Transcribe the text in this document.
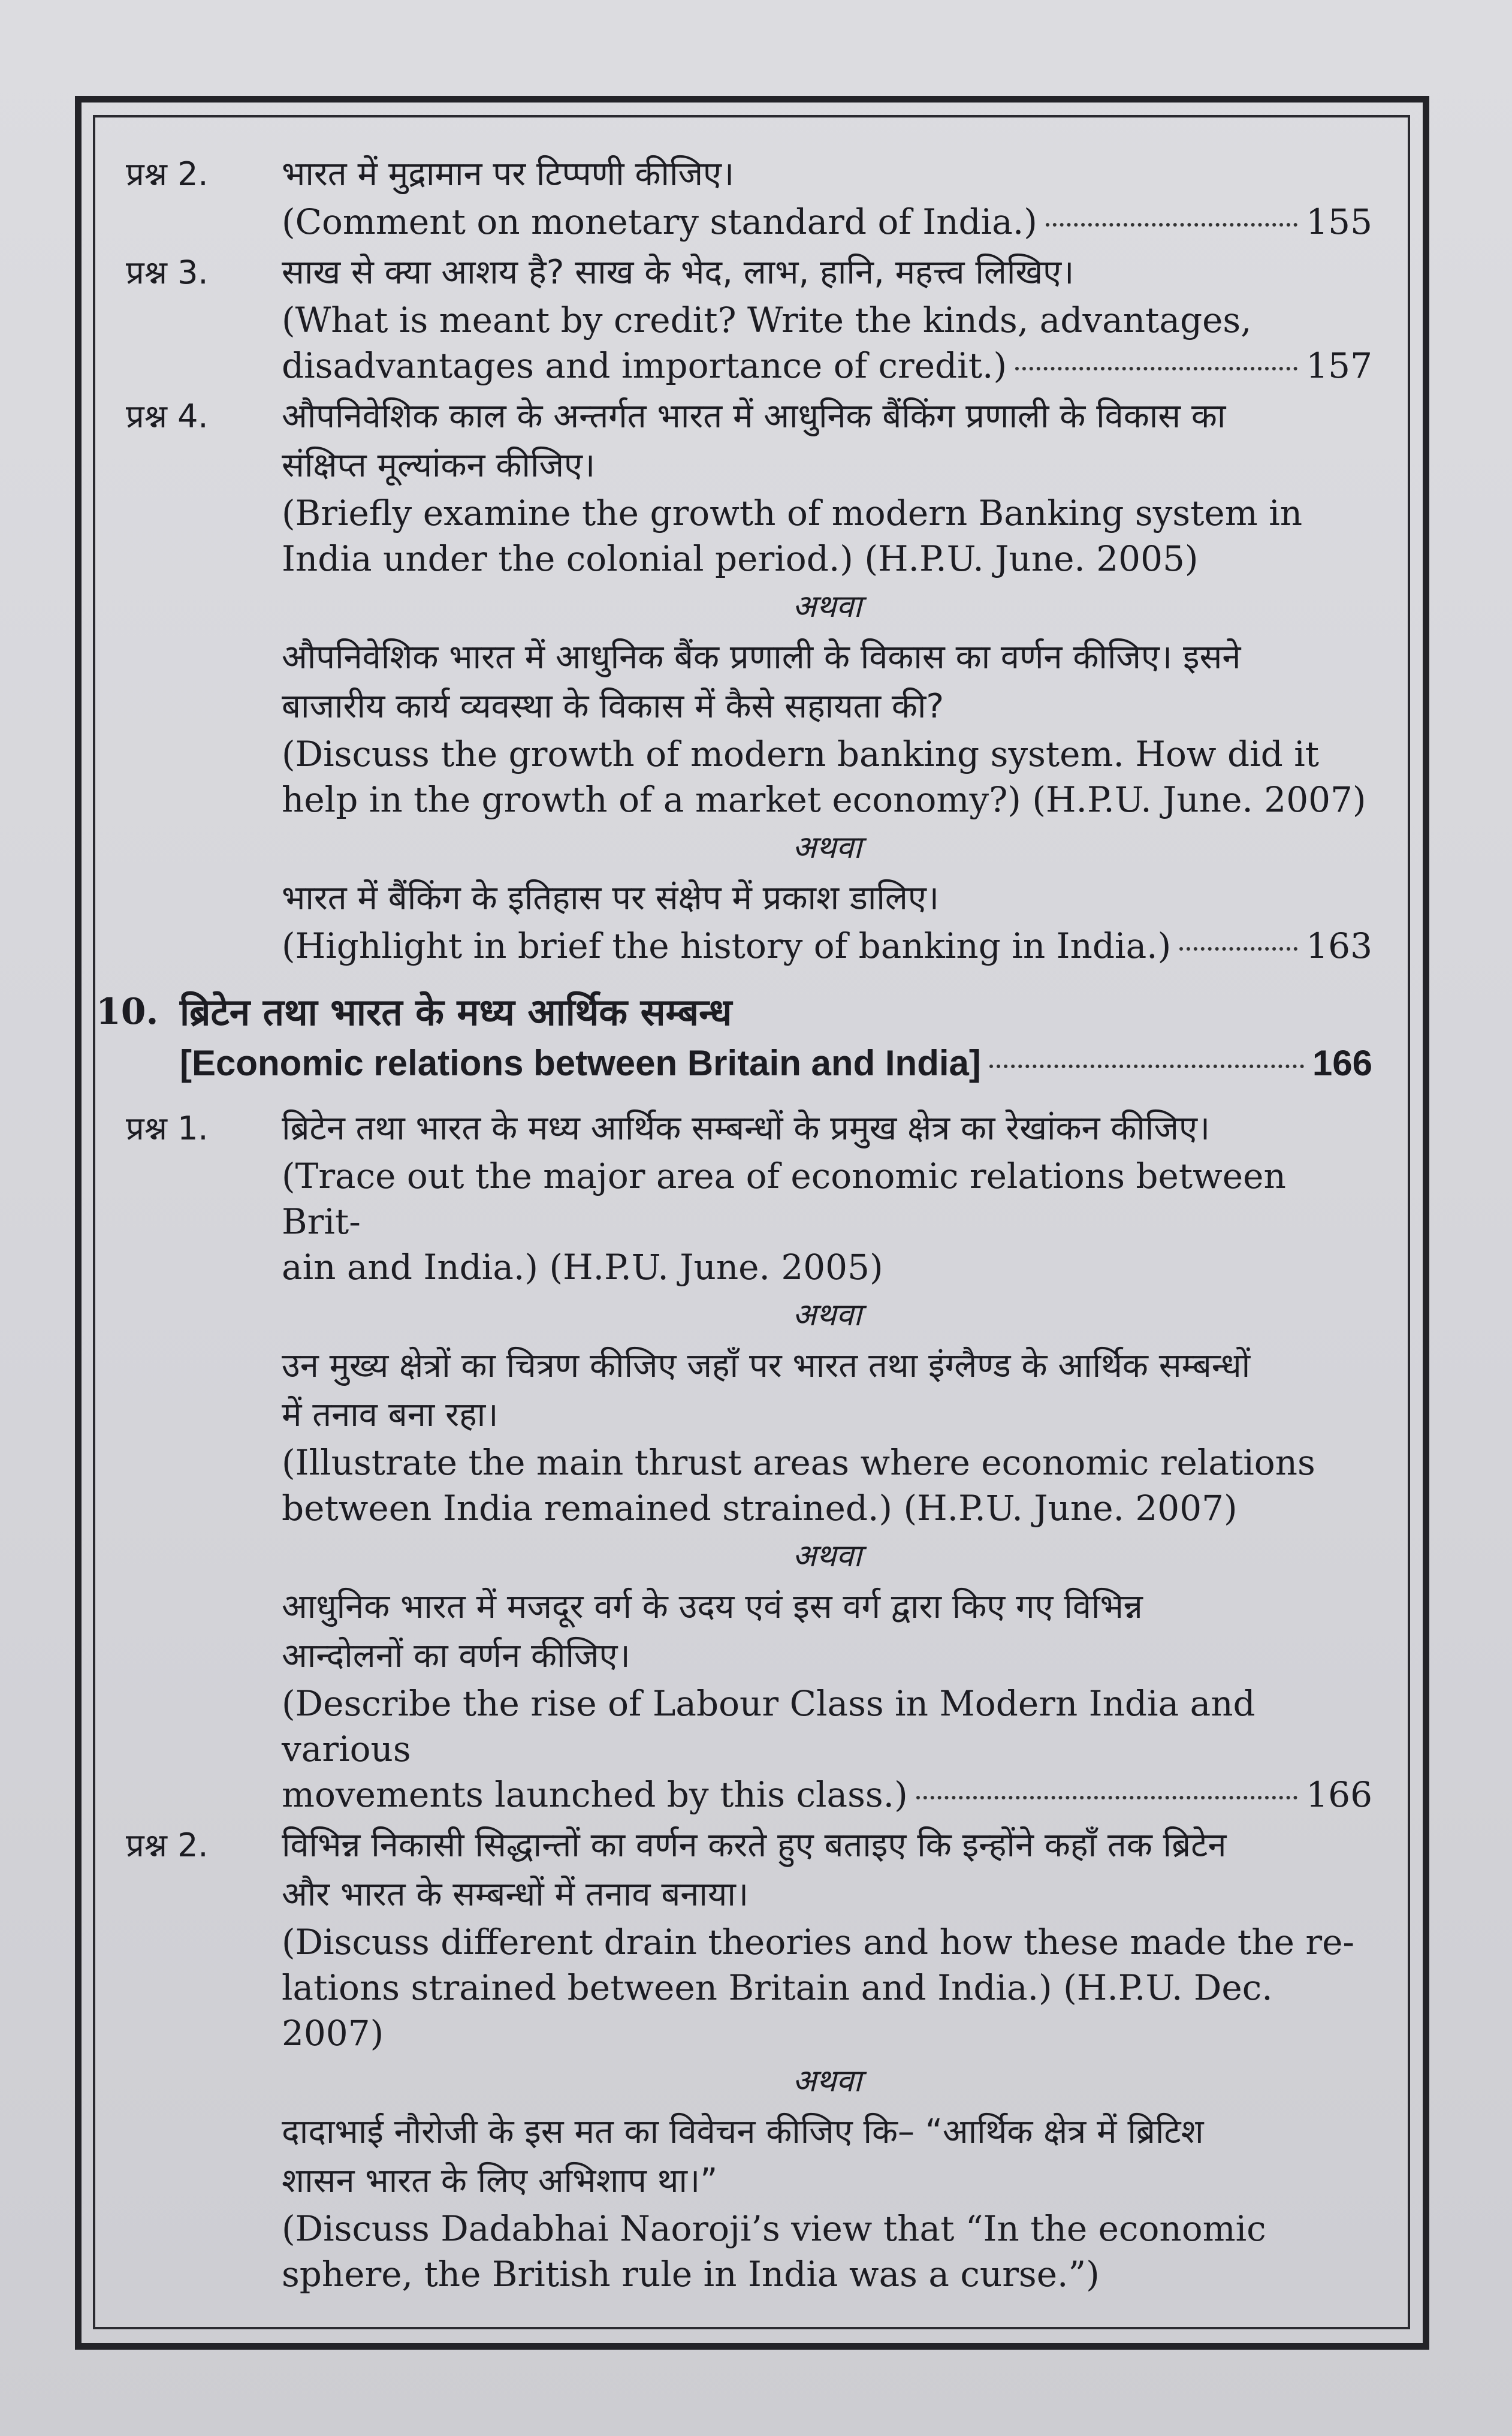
प्रश्न 2.	भारत में मुद्रामान पर टिप्पणी कीजिए।

(Comment on monetary standard of India.)	155
प्रश्न 3.	साख से क्या आशय है? साख के भेद, लाभ, हानि, महत्त्व लिखिए।

(What is meant by credit? Write the kinds, advantages,

disadvantages and importance of credit.)	157
प्रश्न 4.	औपनिवेशिक काल के अन्तर्गत भारत में आधुनिक बैंकिंग प्रणाली के विकास का

संक्षिप्त मूल्यांकन कीजिए।

(Briefly examine the growth of modern Banking system in

India under the colonial period.) (H.P.U. June. 2005)

अथवा

औपनिवेशिक भारत में आधुनिक बैंक प्रणाली के विकास का वर्णन कीजिए। इसने

बाजारीय कार्य व्यवस्था के विकास में कैसे सहायता की?

(Discuss the growth of modern banking system. How did it

help in the growth of a market economy?) (H.P.U. June. 2007)

अथवा

भारत में बैंकिंग के इतिहास पर संक्षेप में प्रकाश डालिए।

(Highlight in brief the history of banking in India.)	163
10. ब्रिटेन तथा भारत के मध्य आर्थिक सम्बन्ध

[Economic relations between Britain and India]	166
प्रश्न 1.	ब्रिटेन तथा भारत के मध्य आर्थिक सम्बन्धों के प्रमुख क्षेत्र का रेखांकन कीजिए।

(Trace out the major area of economic relations between Brit-

ain and India.) (H.P.U. June. 2005)

अथवा

उन मुख्य क्षेत्रों का चित्रण कीजिए जहाँ पर भारत तथा इंग्लैण्ड के आर्थिक सम्बन्धों

में तनाव बना रहा।

(Illustrate the main thrust areas where economic relations

between India remained strained.) (H.P.U. June. 2007)

अथवा

आधुनिक भारत में मजदूर वर्ग के उदय एवं इस वर्ग द्वारा किए गए विभिन्न

आन्दोलनों का वर्णन कीजिए।

(Describe the rise of Labour Class in Modern India and various

movements launched by this class.)	166
प्रश्न 2.	विभिन्न निकासी सिद्धान्तों का वर्णन करते हुए बताइए कि इन्होंने कहाँ तक ब्रिटेन

और भारत के सम्बन्धों में तनाव बनाया।

(Discuss different drain theories and how these made the re-

lations strained between Britain and India.) (H.P.U. Dec. 2007)

अथवा

दादाभाई नौरोजी के इस मत का विवेचन कीजिए कि– “आर्थिक क्षेत्र में ब्रिटिश

शासन भारत के लिए अभिशाप था।”

(Discuss Dadabhai Naoroji’s view that “In the economic

sphere, the British rule in India was a curse.”)
